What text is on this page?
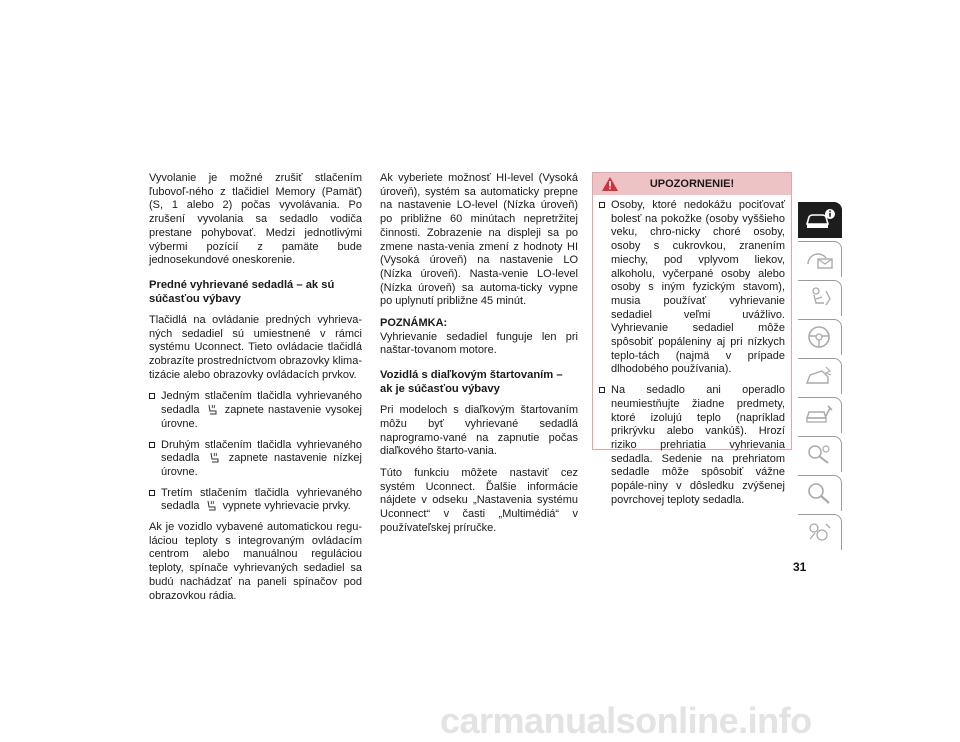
Vyvolanie je možné zrušiť stlačením ľubovoľ-ného z tlačidiel Memory (Pamäť) (S, 1 alebo 2) počas vyvolávania. Po zrušení vyvolania sa sedadlo vodiča prestane pohybovať. Medzi jednotlivými výbermi pozícií z pamäte bude jednosekundové oneskorenie.

Predné vyhrievané sedadlá – ak sú súčasťou výbavy

Tlačidlá na ovládanie predných vyhrieva-ných sedadiel sú umiestnené v rámci systému Uconnect. Tieto ovládacie tlačidlá zobrazíte prostredníctvom obrazovky klima-tizácie alebo obrazovky ovládacích prvkov.

Jedným stlačením tlačidla vyhrievaného sedadla zapnete nastavenie vysokej úrovne.
Druhým stlačením tlačidla vyhrievaného sedadla	zapnete nastavenie nízkej úrovne.
Tretím stlačením tlačidla vyhrievaného sedadla vypnete vyhrievacie prvky.

Ak je vozidlo vybavené automatickou regu-láciou teploty s integrovaným ovládacím centrom alebo manuálnou reguláciou teploty, spínače vyhrievaných sedadiel sa budú nachádzať na paneli spínačov pod obrazovkou rádia.

Ak vyberiete možnosť HI-level (Vysoká úroveň), systém sa automaticky prepne na nastavenie LO-level (Nízka úroveň) po približne 60 minútach nepretržitej činnosti. Zobrazenie na displeji sa po zmene nasta-venia zmení z hodnoty HI (Vysoká úroveň) na nastavenie LO (Nízka úroveň). Nasta-venie LO-level (Nízka úroveň) sa automa-ticky vypne po uplynutí približne 45 minút.

POZNÁMKA:
Vyhrievanie sedadiel funguje len pri naštar-tovanom motore.

Vozidlá s diaľkovým štartovaním – ak je súčasťou výbavy

Pri modeloch s diaľkovým štartovaním môžu byť vyhrievané sedadlá naprogramo-vané na zapnutie počas diaľkového štarto-vania.

Túto funkciu môžete nastaviť cez systém Uconnect. Ďalšie informácie nájdete v odseku „Nastavenia systému Uconnect“ v časti „Multimédiá“ v používateľskej príručke.

UPOZORNENIE!
Osoby, ktoré nedokážu pociťovať bolesť na pokožke (osoby vyššieho veku, chro-nicky choré osoby, osoby s cukrovkou, zranením miechy, pod vplyvom liekov, alkoholu, vyčerpané osoby alebo osoby s iným fyzickým stavom), musia používať vyhrievanie sedadiel veľmi uvážlivo. Vyhrievanie sedadiel môže spôsobiť popáleniny aj pri nízkych teplo-tách (najmä v prípade dlhodobého používania).
Na sedadlo ani operadlo neumiestňujte žiadne predmety, ktoré izolujú teplo (napríklad prikrývku alebo vankúš). Hrozí riziko prehriatia vyhrievania sedadla. Sedenie na prehriatom sedadle môže spôsobiť vážne popále-niny v dôsledku zvýšenej povrchovej teploty sedadla.
31
carmanualsonline.info
